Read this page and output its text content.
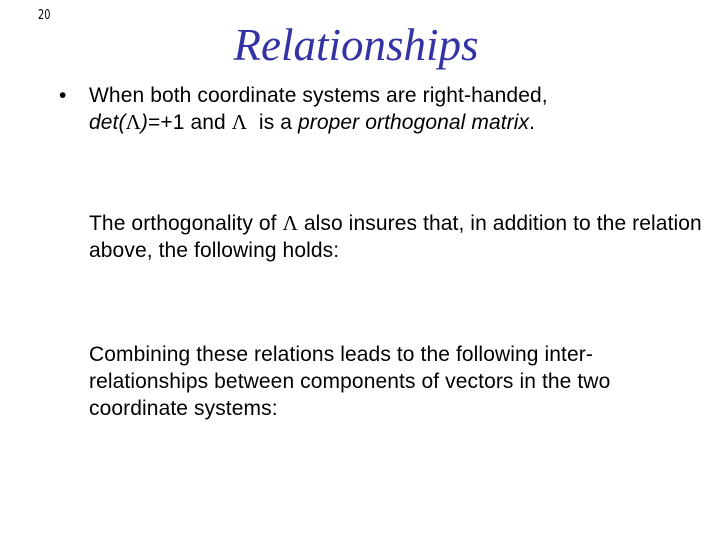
20
Relationships
• When both coordinate systems are right-handed,
det(Λ)=+1 and Λ  is a proper orthogonal matrix.
The orthogonality of Λ also insures that, in addition to the relation above, the following holds:
Combining these relations leads to the following inter-relationships between components of vectors in the two coordinate systems:
